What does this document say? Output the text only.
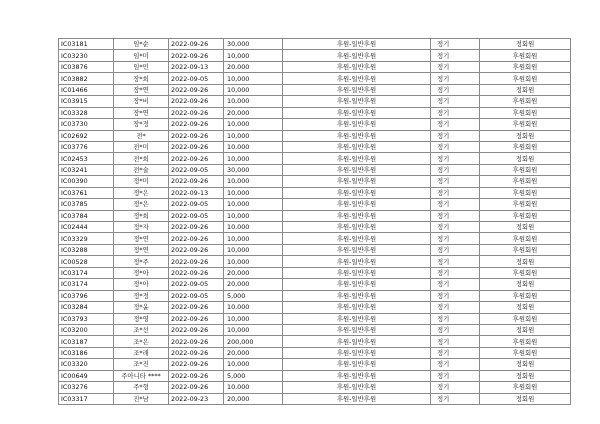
IC03181	임*순	2022-09-26	30,000	후원-일반후원	정기	정회원
IC03230	임*미	2022-09-26	10,000	후원-일반후원	정기	후원회원
IC03876	임*민	2022-09-13	20,000	후원-일반후원	정기	후원회원
IC03882	장*희	2022-09-05	10,000	후원-일반후원	정기	후원회원
IC01466	장*연	2022-09-26	10,000	후원-일반후원	정기	정회원
IC03915	장*비	2022-09-26	10,000	후원-일반후원	정기	후원회원
IC03328	장*연	2022-09-26	20,000	후원-일반후원	정기	후원회원
IC03730	장*정	2022-09-26	10,000	후원-일반후원	정기	후원회원
IC02692	전*	2022-09-26	10,000	후원-일반후원	정기	정회원
IC03776	전*미	2022-09-26	10,000	후원-일반후원	정기	후원회원
IC02453	전*희	2022-09-26	10,000	후원-일반후원	정기	정회원
IC03241	전*술	2022-09-05	30,000	후원-일반후원	정기	후원회원
IC00390	정*미	2022-09-26	10,000	후원-일반후원	정기	후원회원
IC03761	정*은	2022-09-13	10,000	후원-일반후원	정기	후원회원
IC03785	정*은	2022-09-05	10,000	후원-일반후원	정기	후원회원
IC03784	정*희	2022-09-05	10,000	후원-일반후원	정기	후원회원
IC02444	정*자	2022-09-26	10,000	후원-일반후원	정기	정회원
IC03329	정*연	2022-09-26	10,000	후원-일반후원	정기	후원회원
IC03288	정*연	2022-09-26	10,000	후원-일반후원	정기	후원회원
IC00528	정*주	2022-09-26	10,000	후원-일반후원	정기	정회원
IC03174	정*아	2022-09-26	20,000	후원-일반후원	정기	후원회원
IC03174	정*아	2022-09-05	20,000	후원-일반후원	정기	정회원
IC03796	정*정	2022-09-05	5,000	후원-일반후원	정기	후원회원
IC03284	정*윤	2022-09-26	10,000	후원-일반후원	정기	정회원
IC03793	정*영	2022-09-26	10,000	후원-일반후원	정기	후원회원
IC03200	조*선	2022-09-26	10,000	후원-일반후원	정기	정회원
IC03187	조*은	2022-09-26	200,000	후원-일반후원	정기	후원회원
IC03186	조*래	2022-09-26	20,000	후원-일반후원	정기	후원회원
IC03320	조*진	2022-09-26	10,000	후원-일반후원	정기	정회원
IC00649	주아니타 ****	2022-09-26	5,000	후원-일반후원	정기	정회원
IC03276	주*형	2022-09-26	10,000	후원-일반후원	정기	후원회원
IC03317	진*남	2022-09-23	20,000	후원-일반후원	정기	정회원
